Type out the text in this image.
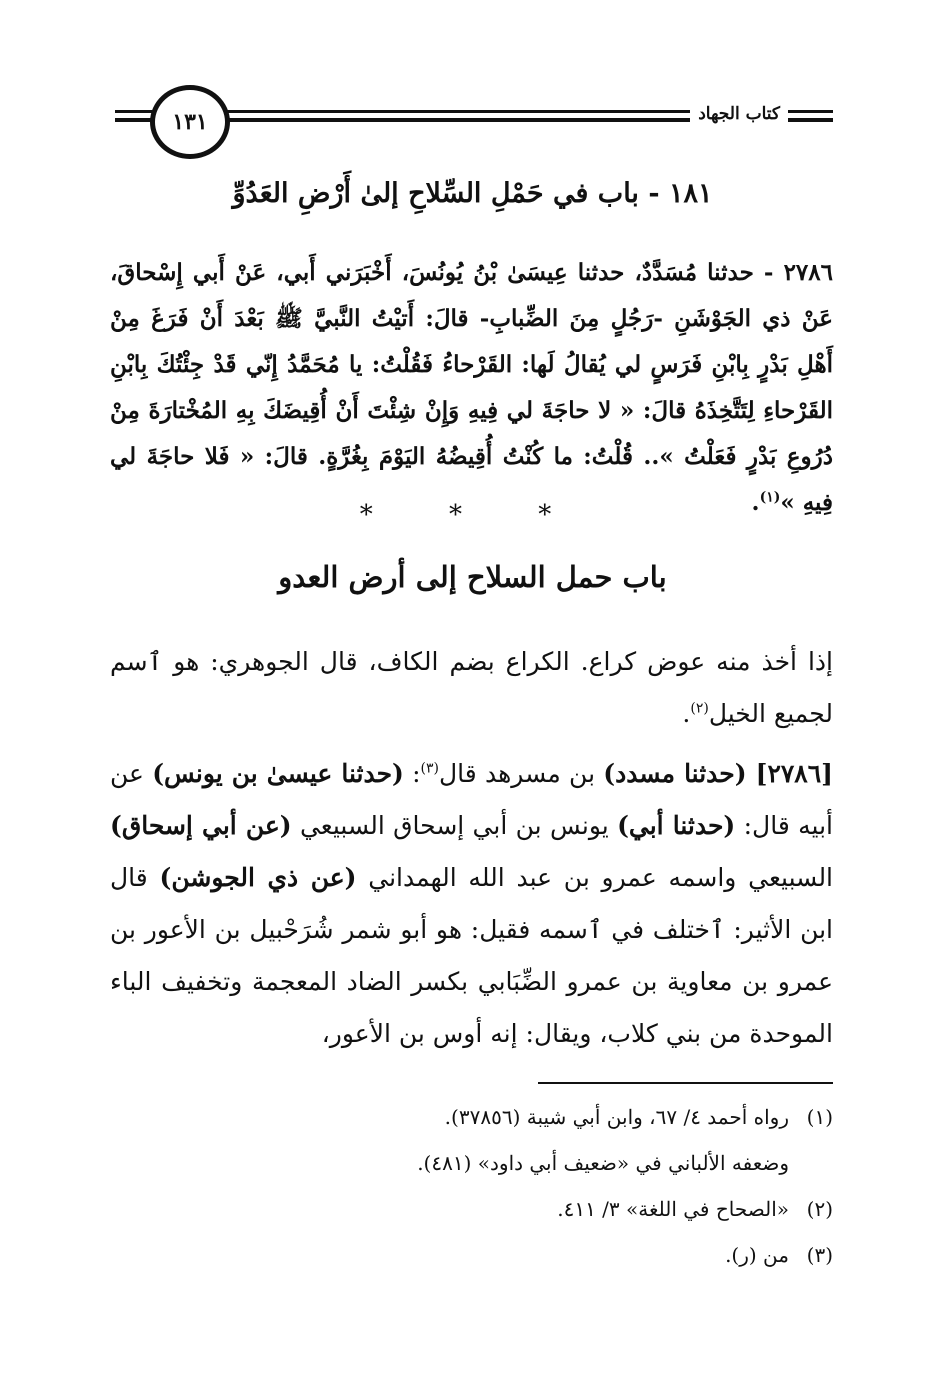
كتاب الجهاد
١٣١
١٨١ - باب في حَمْلِ السِّلاحِ إلىٰ أَرْضِ العَدُوِّ
٢٧٨٦ - حدثنا مُسَدَّدٌ، حدثنا عِيسَىٰ بْنُ يُونُسَ، أَخْبَرَني أَبي، عَنْ أَبي إِسْحاقَ، عَنْ ذي الجَوْشَنِ -رَجُلٍ مِنَ الضِّبابِ- قالَ: أَتيْتُ النَّبيَّ ﷺ بَعْدَ أَنْ فَرَغَ مِنْ أَهْلِ بَدْرٍ بِابْنِ فَرَسٍ لي يُقالُ لَها: القَرْحاءُ فَقُلْتُ: يا مُحَمَّدُ إِنّي قَدْ جِئْتُكَ بِابْنِ القَرْحاءِ لِتَتَّخِذَهُ قالَ: « لا حاجَةَ لي فِيهِ وَإِنْ شِئْتَ أَنْ أُقِيضَكَ بِهِ المُخْتارَةَ مِنْ دُرُوعِ بَدْرٍ فَعَلْتُ ».. قُلْتُ: ما كُنْتُ أُقِيضُهُ اليَوْمَ بِغُرَّةٍ. قالَ: « فَلا حاجَةَ لي فِيهِ »$^{(١)}$.
* * *
باب حمل السلاح إلى أرض العدو

إذا أخذ منه عوض كراع. الكراع بضم الكاف، قال الجوهري: هو ٱسم لجميع الخيل$^{(٢)}$.

[٢٧٨٦] (حدثنا مسدد) بن مسرهد قال$^{(٣)}$: (حدثنا عيسىٰ بن يونس) عن أبيه قال: (حدثنا أبي) يونس بن أبي إسحاق السبيعي (عن أبي إسحاق) السبيعي واسمه عمرو بن عبد الله الهمداني (عن ذي الجوشن) قال ابن الأثير: ٱختلف في ٱسمه فقيل: هو أبو شمر شُرَحْبيل بن الأعور بن عمرو بن معاوية بن عمرو الضِّبَابي بكسر الضاد المعجمة وتخفيف الباء الموحدة من بني كلاب، ويقال: إنه أوس بن الأعور،

(١)رواه أحمد ٤/ ٦٧، وابن أبي شيبة (٣٧٨٥٦).
وضعفه الألباني في «ضعيف أبي داود» (٤٨١).
(٢)«الصحاح في اللغة» ٣/ ٤١١.
(٣)من (ر).
